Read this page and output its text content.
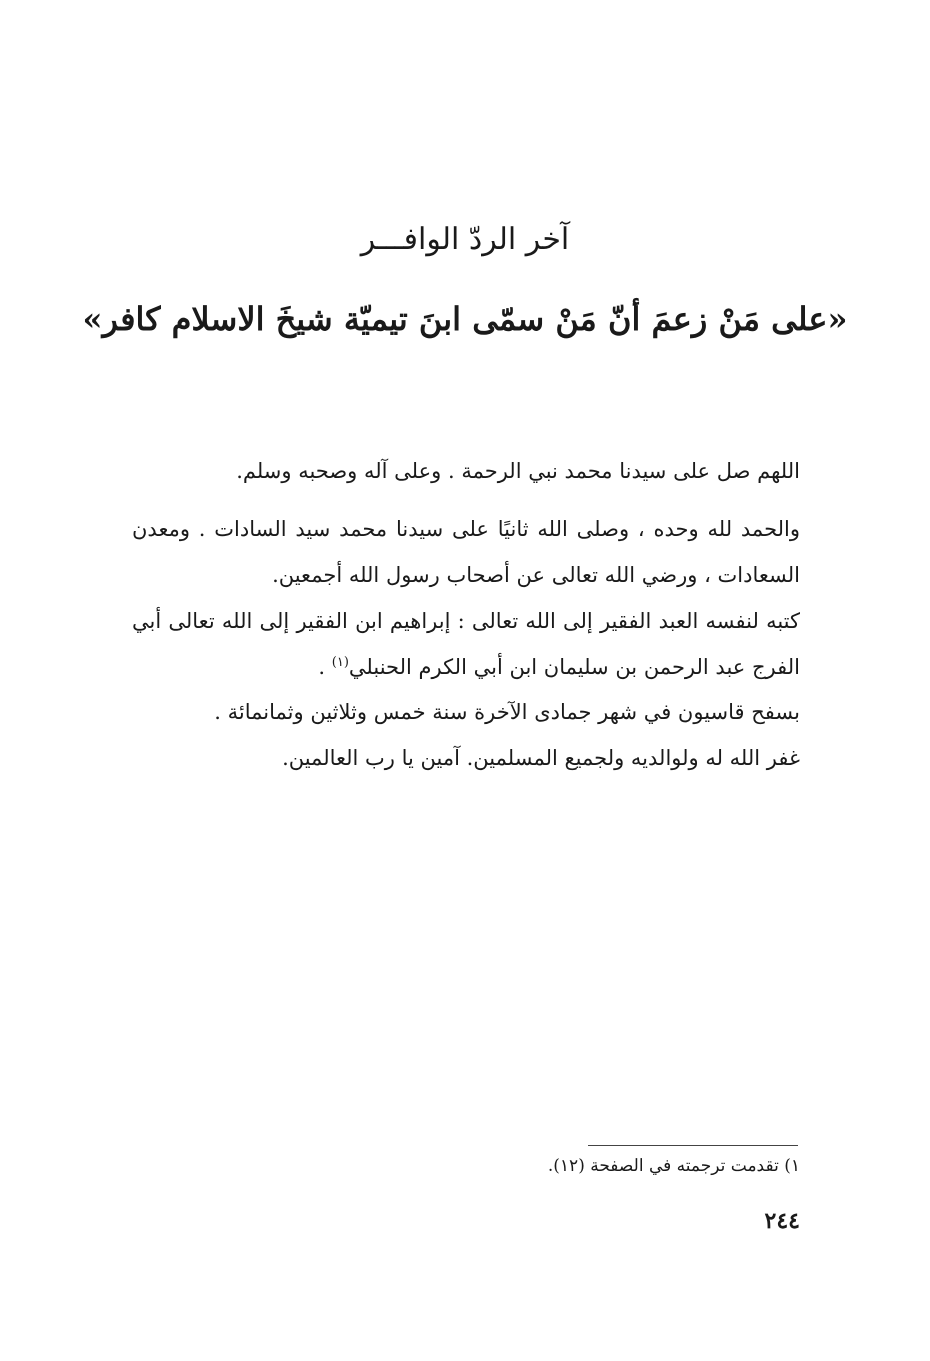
آخر الردّ الوافـــر
«على مَنْ زعمَ أنّ مَنْ سمّى ابنَ تيميّة شيخَ الاسلام كافر»

اللهم صل على سيدنا محمد نبي الرحمة . وعلى آله وصحبه وسلم.

والحمد لله وحده ، وصلى الله ثانيًا على سيدنا محمد سيد السادات . ومعدن السعادات ، ورضي الله تعالى عن أصحاب رسول الله أجمعين.

كتبه لنفسه العبد الفقير إلى الله تعالى : إبراهيم ابن الفقير إلى الله تعالى أبي الفرج عبد الرحمن بن سليمان ابن أبي الكرم الحنبلي$^{(١)}$ .

بسفح قاسيون في شهر جمادى الآخرة سنة خمس وثلاثين وثمانمائة .

غفر الله له ولوالديه ولجميع المسلمين. آمين يا رب العالمين.

١) تقدمت ترجمته في الصفحة (١٢).
٢٤٤
